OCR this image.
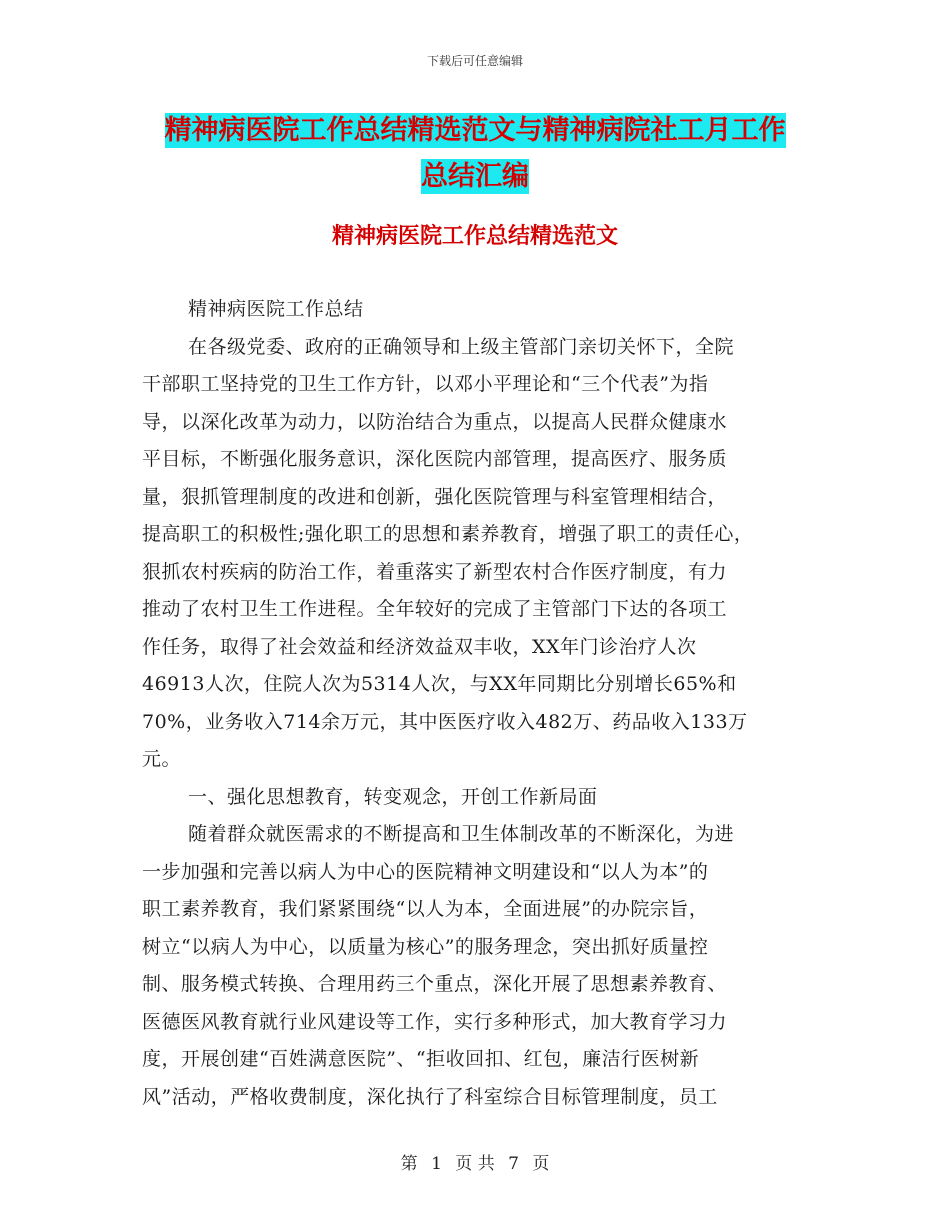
下载后可任意编辑
精神病医院工作总结精选范文与精神病院社工月工作
总结汇编
精神病医院工作总结精选范文
精神病医院工作总结
在各级党委、政府的正确领导和上级主管部门亲切关怀下，全院
干部职工坚持党的卫生工作方针，以邓小平理论和“三个代表”为指
导，以深化改革为动力，以防治结合为重点，以提高人民群众健康水
平目标，不断强化服务意识，深化医院内部管理，提高医疗、服务质
量，狠抓管理制度的改进和创新，强化医院管理与科室管理相结合，
提高职工的积极性;强化职工的思想和素养教育，增强了职工的责任心，
狠抓农村疾病的防治工作，着重落实了新型农村合作医疗制度，有力
推动了农村卫生工作进程。全年较好的完成了主管部门下达的各项工
作任务，取得了社会效益和经济效益双丰收，XX年门诊治疗人次
46913人次，住院人次为5314人次，与XX年同期比分别增长65%和
70%，业务收入714余万元，其中医医疗收入482万、药品收入133万
元。
一、强化思想教育，转变观念，开创工作新局面
随着群众就医需求的不断提高和卫生体制改革的不断深化，为进
一步加强和完善以病人为中心的医院精神文明建设和“以人为本”的
职工素养教育，我们紧紧围绕“以人为本，全面进展”的办院宗旨，
树立“以病人为中心，以质量为核心”的服务理念，突出抓好质量控
制、服务模式转换、合理用药三个重点，深化开展了思想素养教育、
医德医风教育就行业风建设等工作，实行多种形式，加大教育学习力
度，开展创建“百姓满意医院”、“拒收回扣、红包，廉洁行医树新
风”活动，严格收费制度，深化执行了科室综合目标管理制度，员工
第 1 页 共 7 页
